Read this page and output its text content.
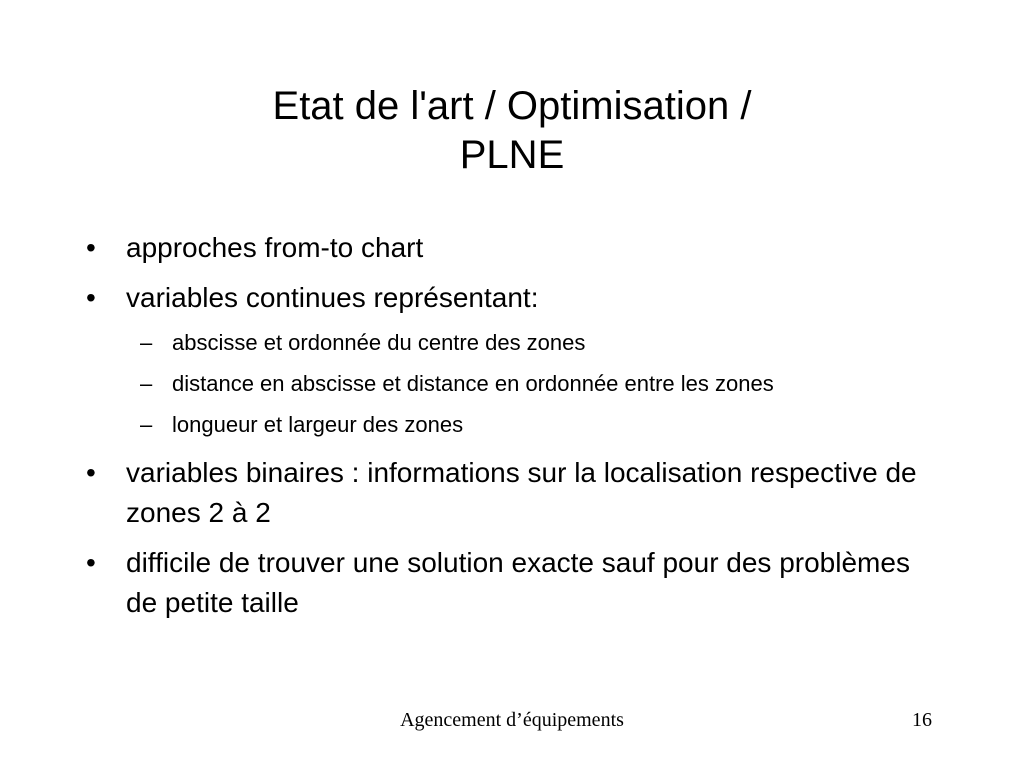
Etat de l'art / Optimisation /
PLNE
• approches from-to chart
• variables continues représentant:
– abscisse et ordonnée du centre des zones
– distance en abscisse et distance en ordonnée entre les zones
– longueur et largeur des zones
• variables binaires : informations sur la localisation respective de zones 2 à 2
• difficile de trouver une solution exacte sauf pour des problèmes de petite taille
Agencement d’équipements	16
